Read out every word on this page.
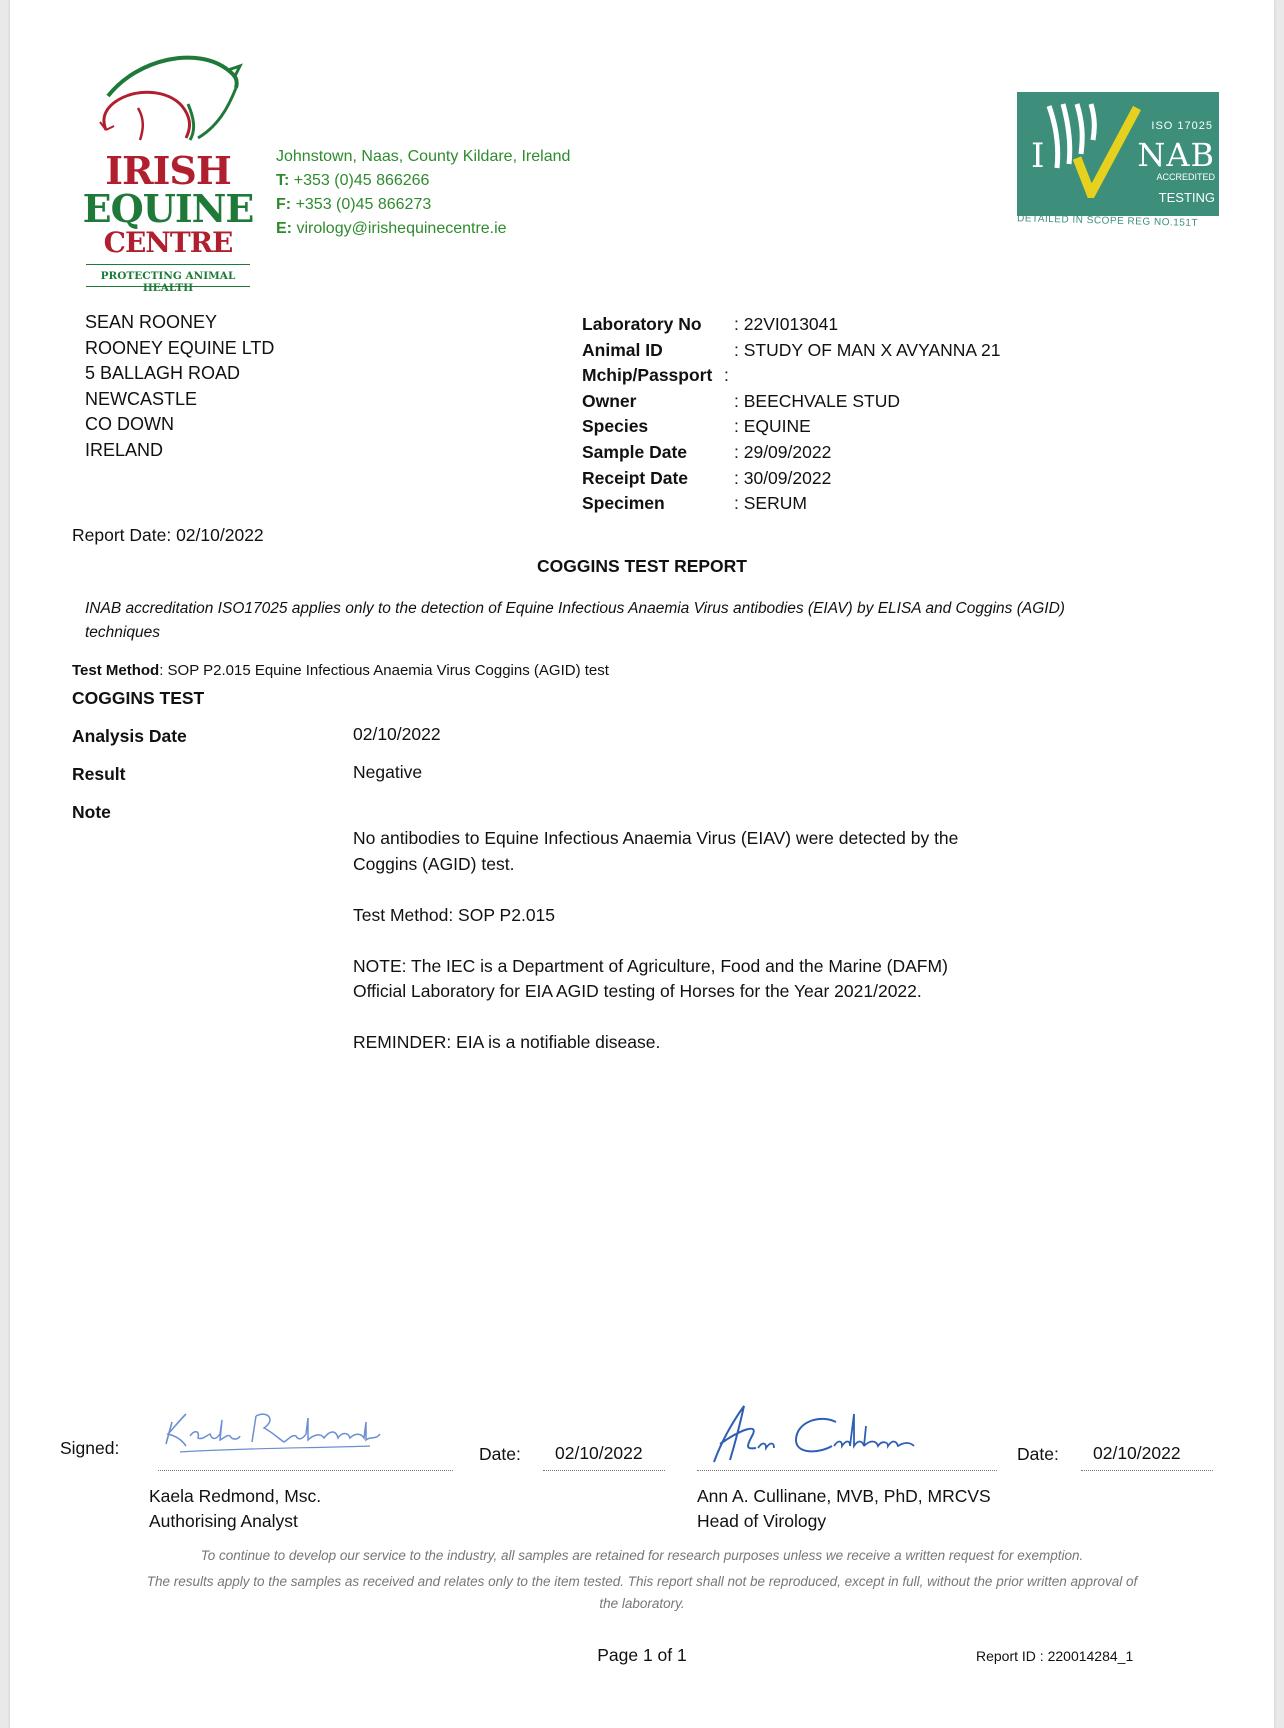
IRISH
EQUINE
CENTRE
PROTECTING ANIMAL HEALTH
Johnstown, Naas, County Kildare, Ireland
T: +353 (0)45 866266
F: +353 (0)45 866273
E: virology@irishequinecentre.ie
ISO 17025
I	NAB
ACCREDITED
TESTING
DETAILED IN SCOPE REG NO.151T
SEAN ROONEY
ROONEY EQUINE LTD
5 BALLAGH ROAD
NEWCASTLE
CO DOWN
IRELAND
Laboratory No : 22VI013041
Animal ID	: STUDY OF MAN X AVYANNA 21
Mchip/Passport :
Owner	: BEECHVALE STUD
Species	: EQUINE
Sample Date	: 29/09/2022
Receipt Date	: 30/09/2022
Specimen	: SERUM
Report Date: 02/10/2022
COGGINS TEST REPORT
INAB accreditation ISO17025 applies only to the detection of Equine Infectious Anaemia Virus antibodies (EIAV) by ELISA and Coggins (AGID) techniques
Test Method: SOP P2.015 Equine Infectious Anaemia Virus Coggins (AGID) test
COGGINS TEST
Analysis Date	02/10/2022
Result	Negative
Note

No antibodies to Equine Infectious Anaemia Virus (EIAV) were detected by the Coggins (AGID) test.

Test Method: SOP P2.015

NOTE: The IEC is a Department of Agriculture, Food and the Marine (DAFM) Official Laboratory for EIA AGID testing of Horses for the Year 2021/2022.

REMINDER: EIA is a notifiable disease.

Signed:	Date: 02/10/2022	Date: 02/10/2022
Kaela Redmond, Msc.
Authorising Analyst
Ann A. Cullinane, MVB, PhD, MRCVS
Head of Virology
To continue to develop our service to the industry, all samples are retained for research purposes unless we receive a written request for exemption.
The results apply to the samples as received and relates only to the item tested. This report shall not be reproduced, except in full, without the prior written approval of the laboratory.
Page 1 of 1	Report ID : 220014284_1
